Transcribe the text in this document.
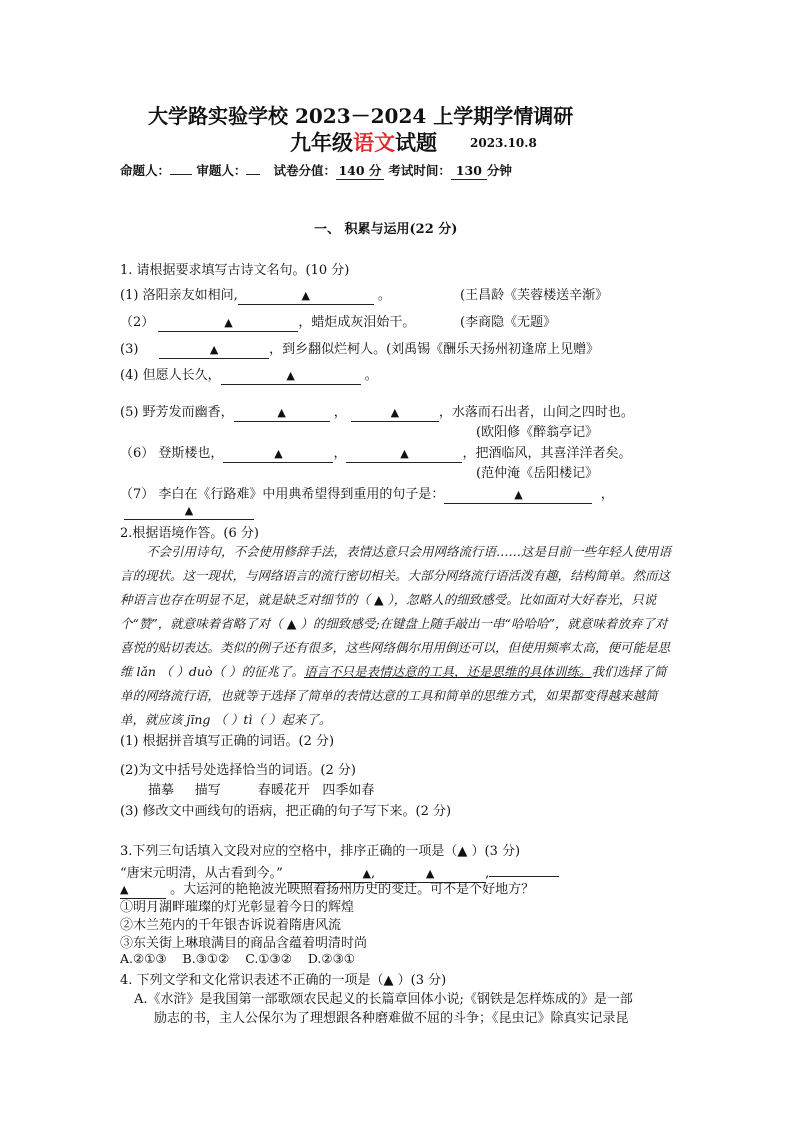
大学路实验学校 2023－2024 上学期学情调研
九年级语文试题	2023.10.8
命题人： 审题人： 试卷分值： 140 分 考试时间： 130 分钟
一、 积累与运用(22 分)
1. 请根据要求填写古诗文名句。(10 分)
(1) 洛阳亲友如相问,	▲	。	(王昌龄《芙蓉楼送辛渐》
（2）	▲	，蜡炬成灰泪始干。	(李商隐《无题》
(3)	▲	，到乡翻似烂柯人。(刘禹锡《酬乐天扬州初逢席上见赠》
(4) 但愿人长久，	▲	。
(5) 野芳发而幽香，	▲	，	▲	，水落而石出者，山间之四时也。
(欧阳修《醉翁亭记》
（6） 登斯楼也，	▲	，	▲	，把酒临风，其喜洋洋者矣。
(范仲淹《岳阳楼记》
（7） 李白在《行路难》中用典希望得到重用的句子是：	▲	，
▲
2.根据语境作答。(6 分)
不会引用诗句，不会使用修辞手法，表情达意只会用网络流行语……这是目前一些年轻人使用语言的现状。这一现状，与网络语言的流行密切相关。大部分网络流行语活泼有趣，结构简单。然而这种语言也存在明显不足，就是缺乏对细节的（ ▲ ），忽略人的细致感受。比如面对大好春光，只说个“赞”，就意味着省略了对（ ▲ ）的细致感受;在键盘上随手敲出一串“哈哈哈”，就意味着放弃了对喜悦的贴切表达。类似的例子还有很多，这些网络偶尔用用倒还可以，但使用频率太高，便可能是思维 lǎn （ ）duò（ ）的征兆了。语言不只是表情达意的工具，还是思维的具体训练。我们选择了简单的网络流行语，也就等于选择了简单的表情达意的工具和简单的思维方式，如果都变得越来越简单，就应该 jīng （ ）tì（ ）起来了。
(1) 根据拼音填写正确的词语。(2 分)
(2)为文中括号处选择恰当的词语。(2 分)
描摹 描写	春暖花开 四季如春
(3) 修改文中画线句的语病，把正确的句子写下来。(2 分)
3.下列三句话填入文段对应的空格中，排序正确的一项是（▲ ）(3 分)
“唐宋元明清，从古看到今。”	▲,	▲	,
▲	。大运河的艳艳波光映照着扬州历史的变迁。可不是个好地方？
①明月湖畔璀璨的灯光彰显着今日的辉煌
②木兰苑内的千年银杏诉说着隋唐风流
③东关街上琳琅满目的商品含蕴着明清时尚
A.②①③ B.③①② C.①③② D.②③①
4. 下列文学和文化常识表述不正确的一项是（▲ ）(3 分)
A.《水浒》是我国第一部歌颂农民起义的长篇章回体小说;《钢铁是怎样炼成的》是一部
励志的书，主人公保尔为了理想跟各种磨难做不屈的斗争；《昆虫记》除真实记录昆
